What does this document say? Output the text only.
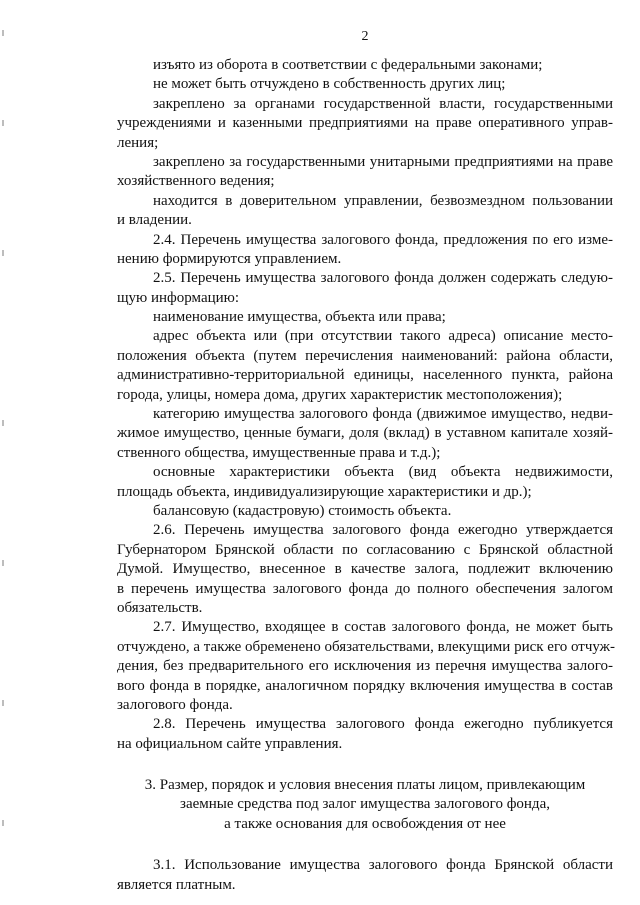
2
изъято из оборота в соответствии с федеральными законами;
не может быть отчуждено в собственность других лиц;
закреплено за органами государственной власти, государственными
учреждениями и казенными предприятиями на праве оперативного управ-
ления;
закреплено за государственными унитарными предприятиями на праве
хозяйственного ведения;
находится в доверительном управлении, безвозмездном пользовании
и владении.
2.4. Перечень имущества залогового фонда, предложения по его изме-
нению формируются управлением.
2.5. Перечень имущества залогового фонда должен содержать следую-
щую информацию:
наименование имущества, объекта или права;
адрес объекта или (при отсутствии такого адреса) описание место-
положения объекта (путем перечисления наименований: района области,
административно-территориальной единицы, населенного пункта, района
города, улицы, номера дома, других характеристик местоположения);
категорию имущества залогового фонда (движимое имущество, недви-
жимое имущество, ценные бумаги, доля (вклад) в уставном капитале хозяй-
ственного общества, имущественные права и т.д.);
основные характеристики объекта (вид объекта недвижимости,
площадь объекта, индивидуализирующие характеристики и др.);
балансовую (кадастровую) стоимость объекта.
2.6. Перечень имущества залогового фонда ежегодно утверждается
Губернатором Брянской области по согласованию с Брянской областной
Думой. Имущество, внесенное в качестве залога, подлежит включению
в перечень имущества залогового фонда до полного обеспечения залогом
обязательств.
2.7. Имущество, входящее в состав залогового фонда, не может быть
отчуждено, а также обременено обязательствами, влекущими риск его отчуж-
дения, без предварительного его исключения из перечня имущества залого-
вого фонда в порядке, аналогичном порядку включения имущества в состав
залогового фонда.
2.8. Перечень имущества залогового фонда ежегодно публикуется
на официальном сайте управления.
3. Размер, порядок и условия внесения платы лицом, привлекающим
заемные средства под залог имущества залогового фонда,
а также основания для освобождения от нее
3.1. Использование имущества залогового фонда Брянской области
является платным.
